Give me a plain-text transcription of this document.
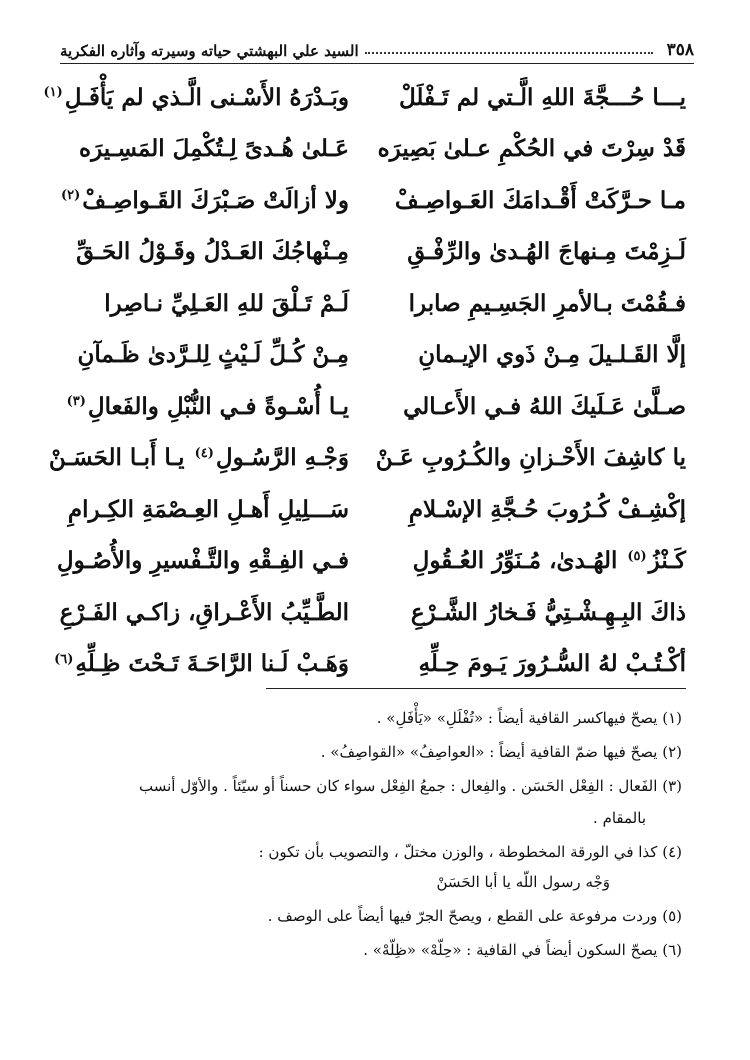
٣٥٨
السيد علي البهشتي حياته وسيرته وآثاره الفكرية
يـــا حُـــجَّةَ اللهِ الَّـتي لم تَـفْلَلْ
وبَـدْرَهُ الأَسْـنى الَّـذي لم يَأْفَـلِ$^{(١)}$
قَدْ سِرْتَ في الحُكْمِ عـلىٰ بَصِيرَه
عَـلىٰ هُـدىً لِـتُكْمِلَ المَسِـيرَه
مـا حـرَّكَتْ أَقْـدامَكَ العَـواصِـفْ
ولا أزالَتْ صَـبْرَكَ القَـواصِـفْ$^{(٢)}$
لَـزِمْتَ مِـنهاجَ الهُـدىٰ والرِّفْـقِ
مِـنْهاجُكَ العَـدْلُ وقَـوْلُ الحَـقِّ
فـقُمْتَ بـالأمرِ الجَسِـيمِ صابرا
لَـمْ تَـلْقَ للهِ العَـلِيِّ نـاصِرا
إلَّا القَـلـيلَ مِـنْ ذَوي الإيـمانِ
مِـنْ كُـلِّ لَـيْثٍ لِلـرَّدىٰ ظَـمآنِ
صـلَّىٰ عَـلَيكَ اللهُ فـي الأَعـالي
يـا أُسْـوةً فـي النُّبْلِ والفَعالِ$^{(٣)}$
يا كاشِفَ الأَحْـزانِ والكُـرُوبِ عَـنْ
وَجْـهِ الرَّسُـولِ$^{(٤)}$ يـا أَبـا الحَسَـنْ
إكْشِـفْ كُـرُوبَ حُـجَّةِ الإسْـلامِ
سَـــلِيلِ أَهـلِ العِـصْمَةِ الكِـرامِ
كَـنْزُ$^{(٥)}$ الهُـدىٰ، مُـنَوِّرُ العُـقُولِ
فـي الفِـقْهِ والتَّـفْسيرِ والأُصُـولِ
ذاكَ البِـهِـشْـتِيُّ فَـخارُ الشَّـرْعِ
الطَّـيِّبُ الأَعْـراقِ، زاكـي الفَـرْعِ
أكْـتُـبْ لهُ السُّـرُورَ يَـومَ حِـلِّهِ
وَهَـبْ لَـنا الرَّاحَـةَ تَـحْتَ ظِـلِّهِ$^{(٦)}$

(١) يصحّ فيهاكسر القافية أيضاً : «تُفْلَلِ» «يَأْفَلِ» .

(٢) يصحّ فيها ضمّ القافية أيضاً : «العواصِفُ» «القواصِفُ» .

(٣) الفَعال : الفِعْل الحَسَن . والفِعال : جمعُ الفِعْل سواء كان حسناً أو سيّئاً . والأوّل أنسب
بالمقام .

(٤) كذا في الورقة المخطوطة ، والوزن مختلّ ، والتصويب بأن تكون :
وَجْه رسول اللّه يا أبا الحَسَنْ

(٥) وردت مرفوعة على القطع ، ويصحّ الجرّ فيها أيضاً على الوصف .

(٦) يصحّ السكون أيضاً في القافية : «حِلّهْ» «ظِلّهْ» .
